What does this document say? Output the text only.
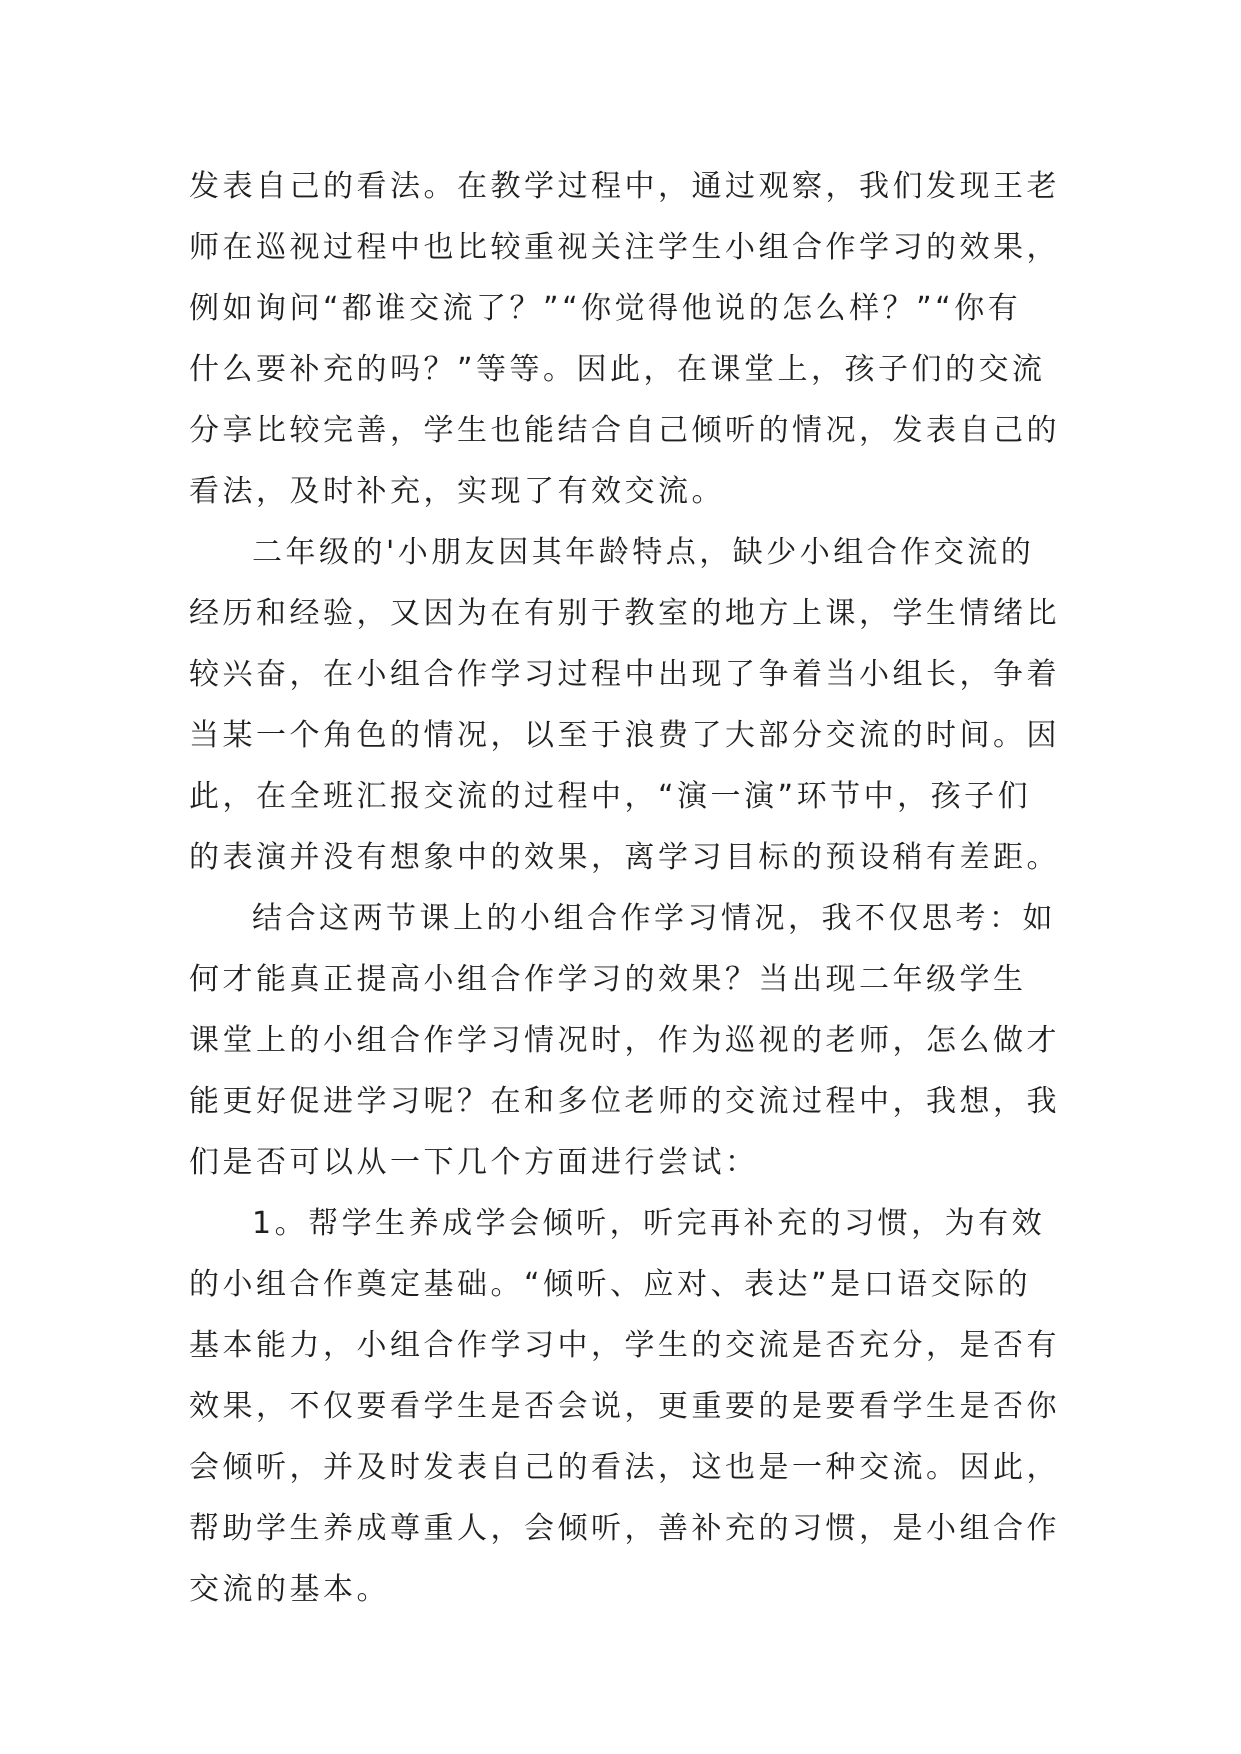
发表自己的看法。在教学过程中，通过观察，我们发现王老
师在巡视过程中也比较重视关注学生小组合作学习的效果，
例如询问“都谁交流了？”“你觉得他说的怎么样？”“你有
什么要补充的吗？”等等。因此，在课堂上，孩子们的交流
分享比较完善，学生也能结合自己倾听的情况，发表自己的
看法，及时补充，实现了有效交流。
二年级的'小朋友因其年龄特点，缺少小组合作交流的
经历和经验，又因为在有别于教室的地方上课，学生情绪比
较兴奋，在小组合作学习过程中出现了争着当小组长，争着
当某一个角色的情况，以至于浪费了大部分交流的时间。因
此，在全班汇报交流的过程中，“演一演”环节中，孩子们
的表演并没有想象中的效果，离学习目标的预设稍有差距。
结合这两节课上的小组合作学习情况，我不仅思考：如
何才能真正提高小组合作学习的效果？当出现二年级学生
课堂上的小组合作学习情况时，作为巡视的老师，怎么做才
能更好促进学习呢？在和多位老师的交流过程中，我想，我
们是否可以从一下几个方面进行尝试：
1。帮学生养成学会倾听，听完再补充的习惯，为有效
的小组合作奠定基础。“倾听、应对、表达”是口语交际的
基本能力，小组合作学习中，学生的交流是否充分，是否有
效果，不仅要看学生是否会说，更重要的是要看学生是否你
会倾听，并及时发表自己的看法，这也是一种交流。因此，
帮助学生养成尊重人，会倾听，善补充的习惯，是小组合作
交流的基本。
